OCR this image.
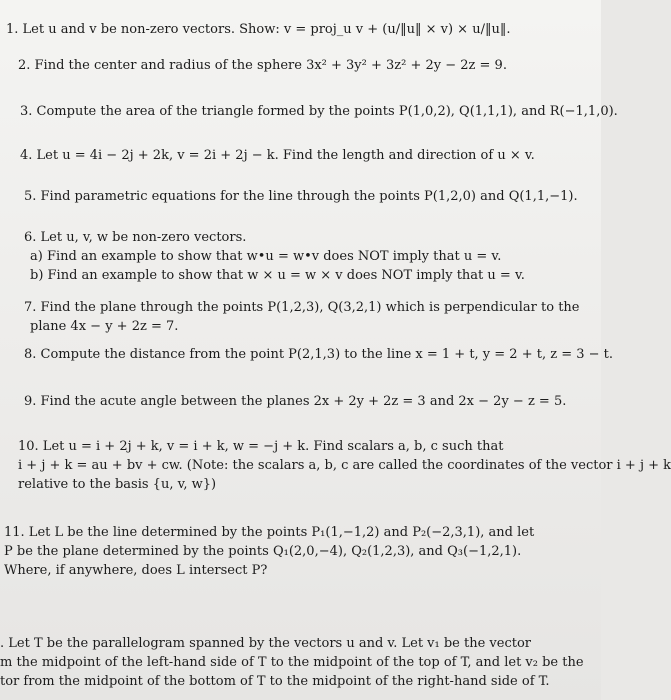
1. Let u and v be non-zero vectors. Show: v = proj_u v + (u/‖u‖ × v) × u/‖u‖.
2. Find the center and radius of the sphere 3x² + 3y² + 3z² + 2y − 2z = 9.
3. Compute the area of the triangle formed by the points P(1,0,2), Q(1,1,1), and R(−1,1,0).
4. Let u = 4i − 2j + 2k, v = 2i + 2j − k. Find the length and direction of u × v.
5. Find parametric equations for the line through the points P(1,2,0) and Q(1,1,−1).
6. Let u, v, w be non-zero vectors.
a) Find an example to show that w•u = w•v does NOT imply that u = v.
b) Find an example to show that w × u = w × v does NOT imply that u = v.
7. Find the plane through the points P(1,2,3), Q(3,2,1) which is perpendicular to the
plane 4x − y + 2z = 7.
8. Compute the distance from the point P(2,1,3) to the line x = 1 + t, y = 2 + t, z = 3 − t.
9. Find the acute angle between the planes 2x + 2y + 2z = 3 and 2x − 2y − z = 5.
10. Let u = i + 2j + k, v = i + k, w = −j + k. Find scalars a, b, c such that
i + j + k = au + bv + cw. (Note: the scalars a, b, c are called the coordinates of the vector i + j + k
relative to the basis {u, v, w})
11. Let L be the line determined by the points P₁(1,−1,2) and P₂(−2,3,1), and let
P be the plane determined by the points Q₁(2,0,−4), Q₂(1,2,3), and Q₃(−1,2,1).
Where, if anywhere, does L intersect P?
. Let T be the parallelogram spanned by the vectors u and v. Let v₁ be the vector
m the midpoint of the left-hand side of T to the midpoint of the top of T, and let v₂ be the
tor from the midpoint of the bottom of T to the midpoint of the right-hand side of T.
